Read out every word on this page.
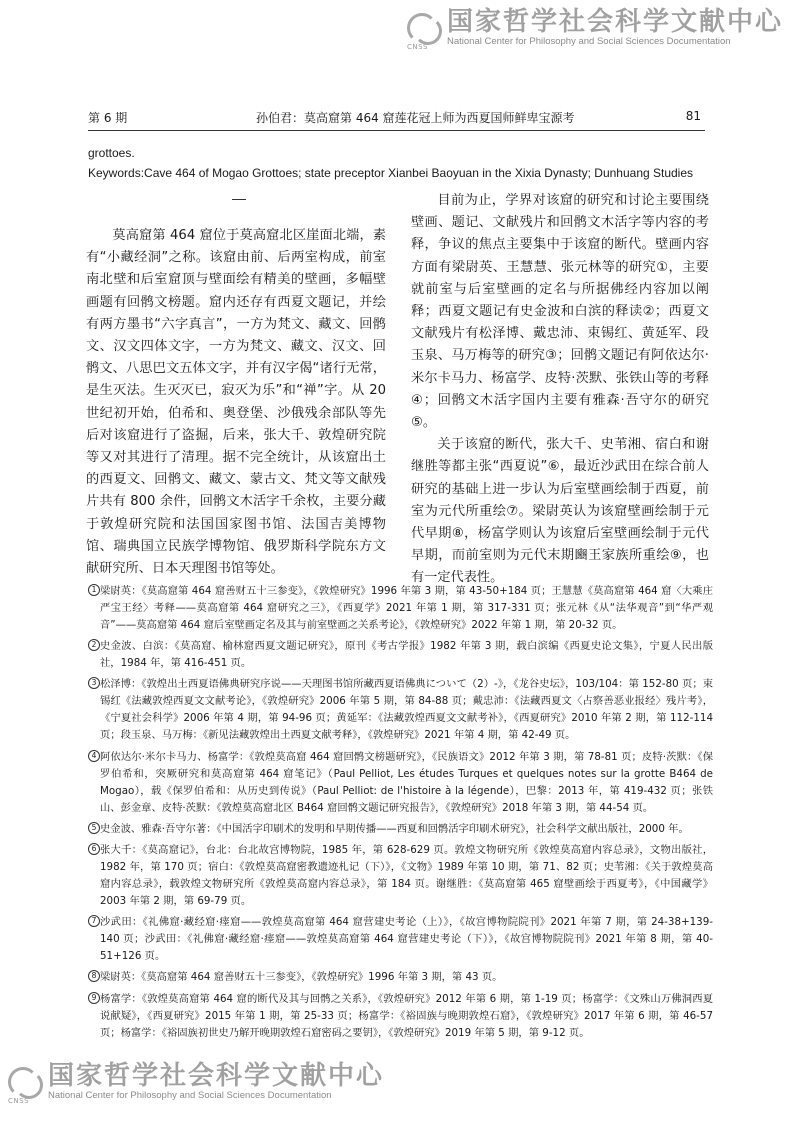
CNSS
国家哲学社会科学文献中心
National Center for Philosophy and Social Sciences Documentation
第 6 期	孙伯君：莫高窟第 464 窟莲花冠上师为西夏国师鲜卑宝源考	81
grottoes.
Keywords:Cave 464 of Mogao Grottoes; state preceptor Xianbei Baoyuan in the Xixia Dynasty; Dunhuang Studies

莫高窟第 464 窟位于莫高窟北区崖面北端，素有“小藏经洞”之称。该窟由前、后两室构成，前室南北壁和后室窟顶与壁面绘有精美的壁画，多幅壁画题有回鹘文榜题。窟内还存有西夏文题记，并绘有两方墨书“六字真言”，一方为梵文、藏文、回鹘文、汉文四体文字，一方为梵文、藏文、汉文、回鹘文、八思巴文五体文字，并有汉字偈“诸行无常，是生灭法。生灭灭已，寂灭为乐”和“禅”字。从 20 世纪初开始，伯希和、奥登堡、沙俄残余部队等先后对该窟进行了盗掘，后来，张大千、敦煌研究院等又对其进行了清理。据不完全统计，从该窟出土的西夏文、回鹘文、藏文、蒙古文、梵文等文献残片共有 800 余件，回鹘文木活字千余枚，主要分藏于敦煌研究院和法国国家图书馆、法国吉美博物馆、瑞典国立民族学博物馆、俄罗斯科学院东方文献研究所、日本天理图书馆等处。

目前为止，学界对该窟的研究和讨论主要围绕壁画、题记、文献残片和回鹘文木活字等内容的考释，争议的焦点主要集中于该窟的断代。壁画内容方面有梁尉英、王慧慧、张元林等的研究①，主要就前室与后室壁画的定名与所据佛经内容加以阐释；西夏文题记有史金波和白滨的释读②；西夏文文献残片有松泽博、戴忠沛、束锡红、黄延军、段玉泉、马万梅等的研究③；回鹘文题记有阿依达尔·米尔卡马力、杨富学、皮特·茨默、张铁山等的考释④；回鹘文木活字国内主要有雅森·吾守尔的研究⑤。

关于该窟的断代，张大千、史苇湘、宿白和谢继胜等都主张“西夏说”⑥，最近沙武田在综合前人研究的基础上进一步认为后室壁画绘制于西夏，前室为元代所重绘⑦。梁尉英认为该窟壁画绘制于元代早期⑧，杨富学则认为该窟后室壁画绘制于元代早期，而前室则为元代末期豳王家族所重绘⑨，也有一定代表性。

1 梁尉英：《莫高窟第 464 窟善财五十三参变》，《敦煌研究》1996 年第 3 期，第 43-50+184 页；王慧慧《莫高窟第 464 窟〈大乘庄严宝王经〉考释——莫高窟第 464 窟研究之三》，《西夏学》2021 年第 1 期，第 317-331 页；张元林《从“法华观音”到“华严观音”——莫高窟第 464 窟后室壁画定名及其与前室壁画之关系考论》，《敦煌研究》2022 年第 1 期，第 20-32 页。
2 史金波、白滨：《莫高窟、榆林窟西夏文题记研究》，原刊《考古学报》1982 年第 3 期，载白滨编《西夏史论文集》，宁夏人民出版社，1984 年，第 416-451 页。
3 松泽博：《敦煌出土西夏语佛典研究序说——天理图书馆所藏西夏语佛典について（2）-》，《龙谷史坛》，103/104：第 152-80 页；束锡红《法藏敦煌西夏文文献考论》，《敦煌研究》2006 年第 5 期，第 84-88 页；戴忠沛：《法藏西夏文〈占察善恶业报经〉残片考》，《宁夏社会科学》2006 年第 4 期，第 94-96 页；黄延军：《法藏敦煌西夏文文献考补》，《西夏研究》2010 年第 2 期，第 112-114 页；段玉泉、马万梅：《新见法藏敦煌出土西夏文献考释》，《敦煌研究》2021 年第 4 期，第 42-49 页。
4 阿依达尔·米尔卡马力、杨富学：《敦煌莫高窟 464 窟回鹘文榜题研究》，《民族语文》2012 年第 3 期，第 78-81 页；皮特·茨默：《保罗伯希和，突厥研究和莫高窟第 464 窟笔记》（Paul Pelliot, Les études Turques et quelques notes sur la grotte B464 de Mogao），载《保罗伯希和：从历史到传说》（Paul Pelliot: de l'histoire à la légende），巴黎：2013 年，第 419-432 页；张铁山、彭金章、皮特·茨默：《敦煌莫高窟北区 B464 窟回鹘文题记研究报告》，《敦煌研究》2018 年第 3 期，第 44-54 页。
5 史金波、雅森·吾守尔著：《中国活字印刷术的发明和早期传播——西夏和回鹘活字印刷术研究》，社会科学文献出版社，2000 年。
6 张大千：《莫高窟记》，台北：台北故宫博物院，1985 年，第 628-629 页。敦煌文物研究所《敦煌莫高窟内容总录》，文物出版社，1982 年，第 170 页；宿白：《敦煌莫高窟密教遗迹札记（下）》，《文物》1989 年第 10 期，第 71、82 页；史苇湘：《关于敦煌莫高窟内容总录》，载敦煌文物研究所《敦煌莫高窟内容总录》，第 184 页。谢继胜：《莫高窟第 465 窟壁画绘于西夏考》，《中国藏学》2003 年第 2 期，第 69-79 页。
7 沙武田：《礼佛窟·藏经窟·瘗窟——敦煌莫高窟第 464 窟营建史考论（上）》，《故宫博物院院刊》2021 年第 7 期，第 24-38+139-140 页；沙武田：《礼佛窟·藏经窟·瘗窟——敦煌莫高窟第 464 窟营建史考论（下）》，《故宫博物院院刊》2021 年第 8 期，第 40-51+126 页。
8 梁尉英：《莫高窟第 464 窟善财五十三参变》，《敦煌研究》1996 年第 3 期，第 43 页。
9 杨富学：《敦煌莫高窟第 464 窟的断代及其与回鹘之关系》，《敦煌研究》2012 年第 6 期，第 1-19 页；杨富学：《文殊山万佛洞西夏说献疑》，《西夏研究》2015 年第 1 期，第 25-33 页；杨富学：《裕固族与晚期敦煌石窟》，《敦煌研究》2017 年第 6 期，第 46-57 页；杨富学：《裕固族初世史乃解开晚期敦煌石窟密码之要钥》，《敦煌研究》2019 年第 5 期，第 9-12 页。
CNSS
国家哲学社会科学文献中心
National Center for Philosophy and Social Sciences Documentation
